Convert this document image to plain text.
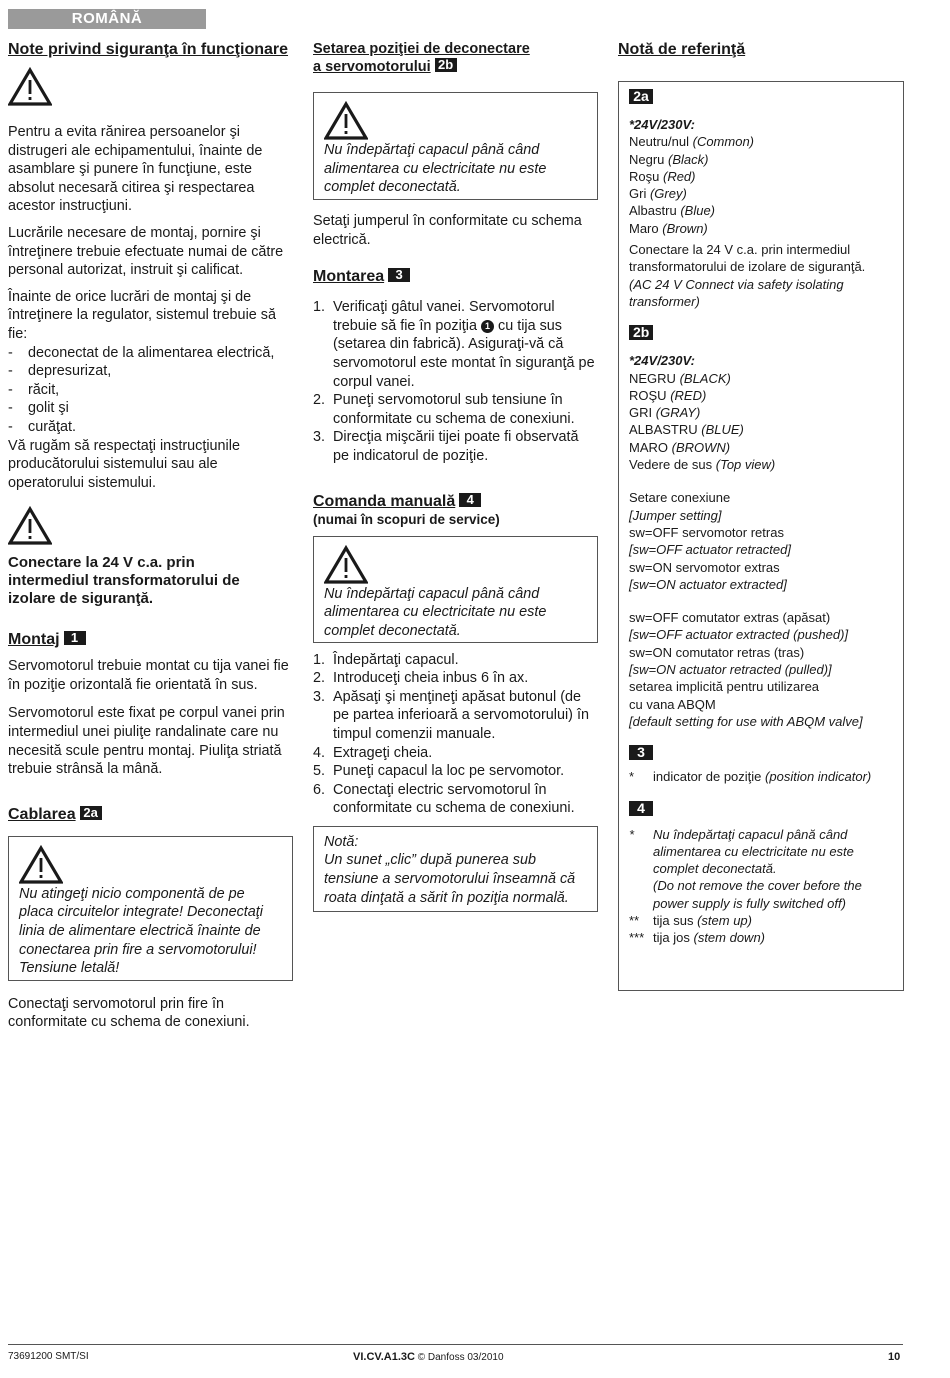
ROMÂNĂ
Note privind siguranţa în funcţionare
Pentru a evita rănirea persoanelor şi distrugeri ale echipamentului, înainte de asamblare şi punere în funcţiune, este absolut necesară citirea şi respectarea acestor instrucţiuni.
Lucrările necesare de montaj, pornire şi întreţinere trebuie efectuate numai de către personal autorizat, instruit şi calificat.
Înainte de orice lucrări de montaj şi de întreţinere la regulator, sistemul trebuie să fie:
- deconectat de la alimentarea electrică,
- depresurizat,
- răcit,
- golit şi
- curăţat.
Vă rugăm să respectaţi instrucţiunile producătorului sistemului sau ale operatorului sistemului.
Conectare la 24 V c.a. prin intermediul transformatorului de izolare de siguranţă.
Montaj 1
Servomotorul trebuie montat cu tija vanei fie în poziţie orizontală fie orientată în sus.
Servomotorul este fixat pe corpul vanei prin intermediul unei piuliţe randalinate care nu necesită scule pentru montaj. Piuliţa striată trebuie strânsă la mână.
Cablarea 2a
Nu atingeţi nicio componentă de pe placa circuitelor integrate! Deconectaţi linia de alimentare electrică înainte de conectarea prin fire a servomotorului! Tensiune letală!
Conectaţi servomotorul prin fire în conformitate cu schema de conexiuni.
Setarea poziţiei de deconectare
a servomotorului 2b
Nu îndepărtaţi capacul până când alimentarea cu electricitate nu este complet deconectată.
Setaţi jumperul în conformitate cu schema electrică.
Montarea 3
1. Verificaţi gâtul vanei. Servomotorul trebuie să fie în poziţia 1 cu tija sus (setarea din fabrică). Asiguraţi-vă că servomotorul este montat în siguranţă pe corpul vanei.
2. Puneţi servomotorul sub tensiune în conformitate cu schema de conexiuni.
3. Direcţia mişcării tijei poate fi observată pe indicatorul de poziţie.
Comanda manuală 4
(numai în scopuri de service)
Nu îndepărtaţi capacul până când alimentarea cu electricitate nu este complet deconectată.
1. Îndepărtaţi capacul.
2. Introduceţi cheia inbus 6 în ax.
3. Apăsaţi şi menţineţi apăsat butonul (de pe partea inferioară a servomotorului) în timpul comenzii manuale.
4. Extrageţi cheia.
5. Puneţi capacul la loc pe servomotor.
6. Conectaţi electric servomotorul în conformitate cu schema de conexiuni.
Notă:
Un sunet „clic” după punerea sub tensiune a servomotorului înseamnă că roata dinţată a sărit în poziţia normală.
Notă de referinţă
2a
*24V/230V:
Neutru/nul (Common)
Negru (Black)
Roşu (Red)
Gri (Grey)
Albastru (Blue)
Maro (Brown)
Conectare la 24 V c.a. prin intermediul transformatorului de izolare de siguranţă.
(AC 24 V Connect via safety isolating transformer)
2b
*24V/230V:
NEGRU (BLACK)
ROŞU (RED)
GRI (GRAY)
ALBASTRU (BLUE)
MARO (BROWN)
Vedere de sus (Top view)
Setare conexiune
[Jumper setting]
sw=OFF servomotor retras
[sw=OFF actuator retracted]
sw=ON servomotor extras
[sw=ON actuator extracted]
sw=OFF comutator extras (apăsat)
[sw=OFF actuator extracted (pushed)]
sw=ON comutator retras (tras)
[sw=ON actuator retracted (pulled)]
setarea implicită pentru utilizarea
cu vana ABQM
[default setting for use with ABQM valve]
3
* indicator de poziţie (position indicator)
4
* Nu îndepărtaţi capacul până când alimentarea cu electricitate nu este complet deconectată.
(Do not remove the cover before the power supply is fully switched off)
** tija sus (stem up)
*** tija jos (stem down)
73691200 SMT/SI	VI.CV.A1.3C © Danfoss 03/2010	10
